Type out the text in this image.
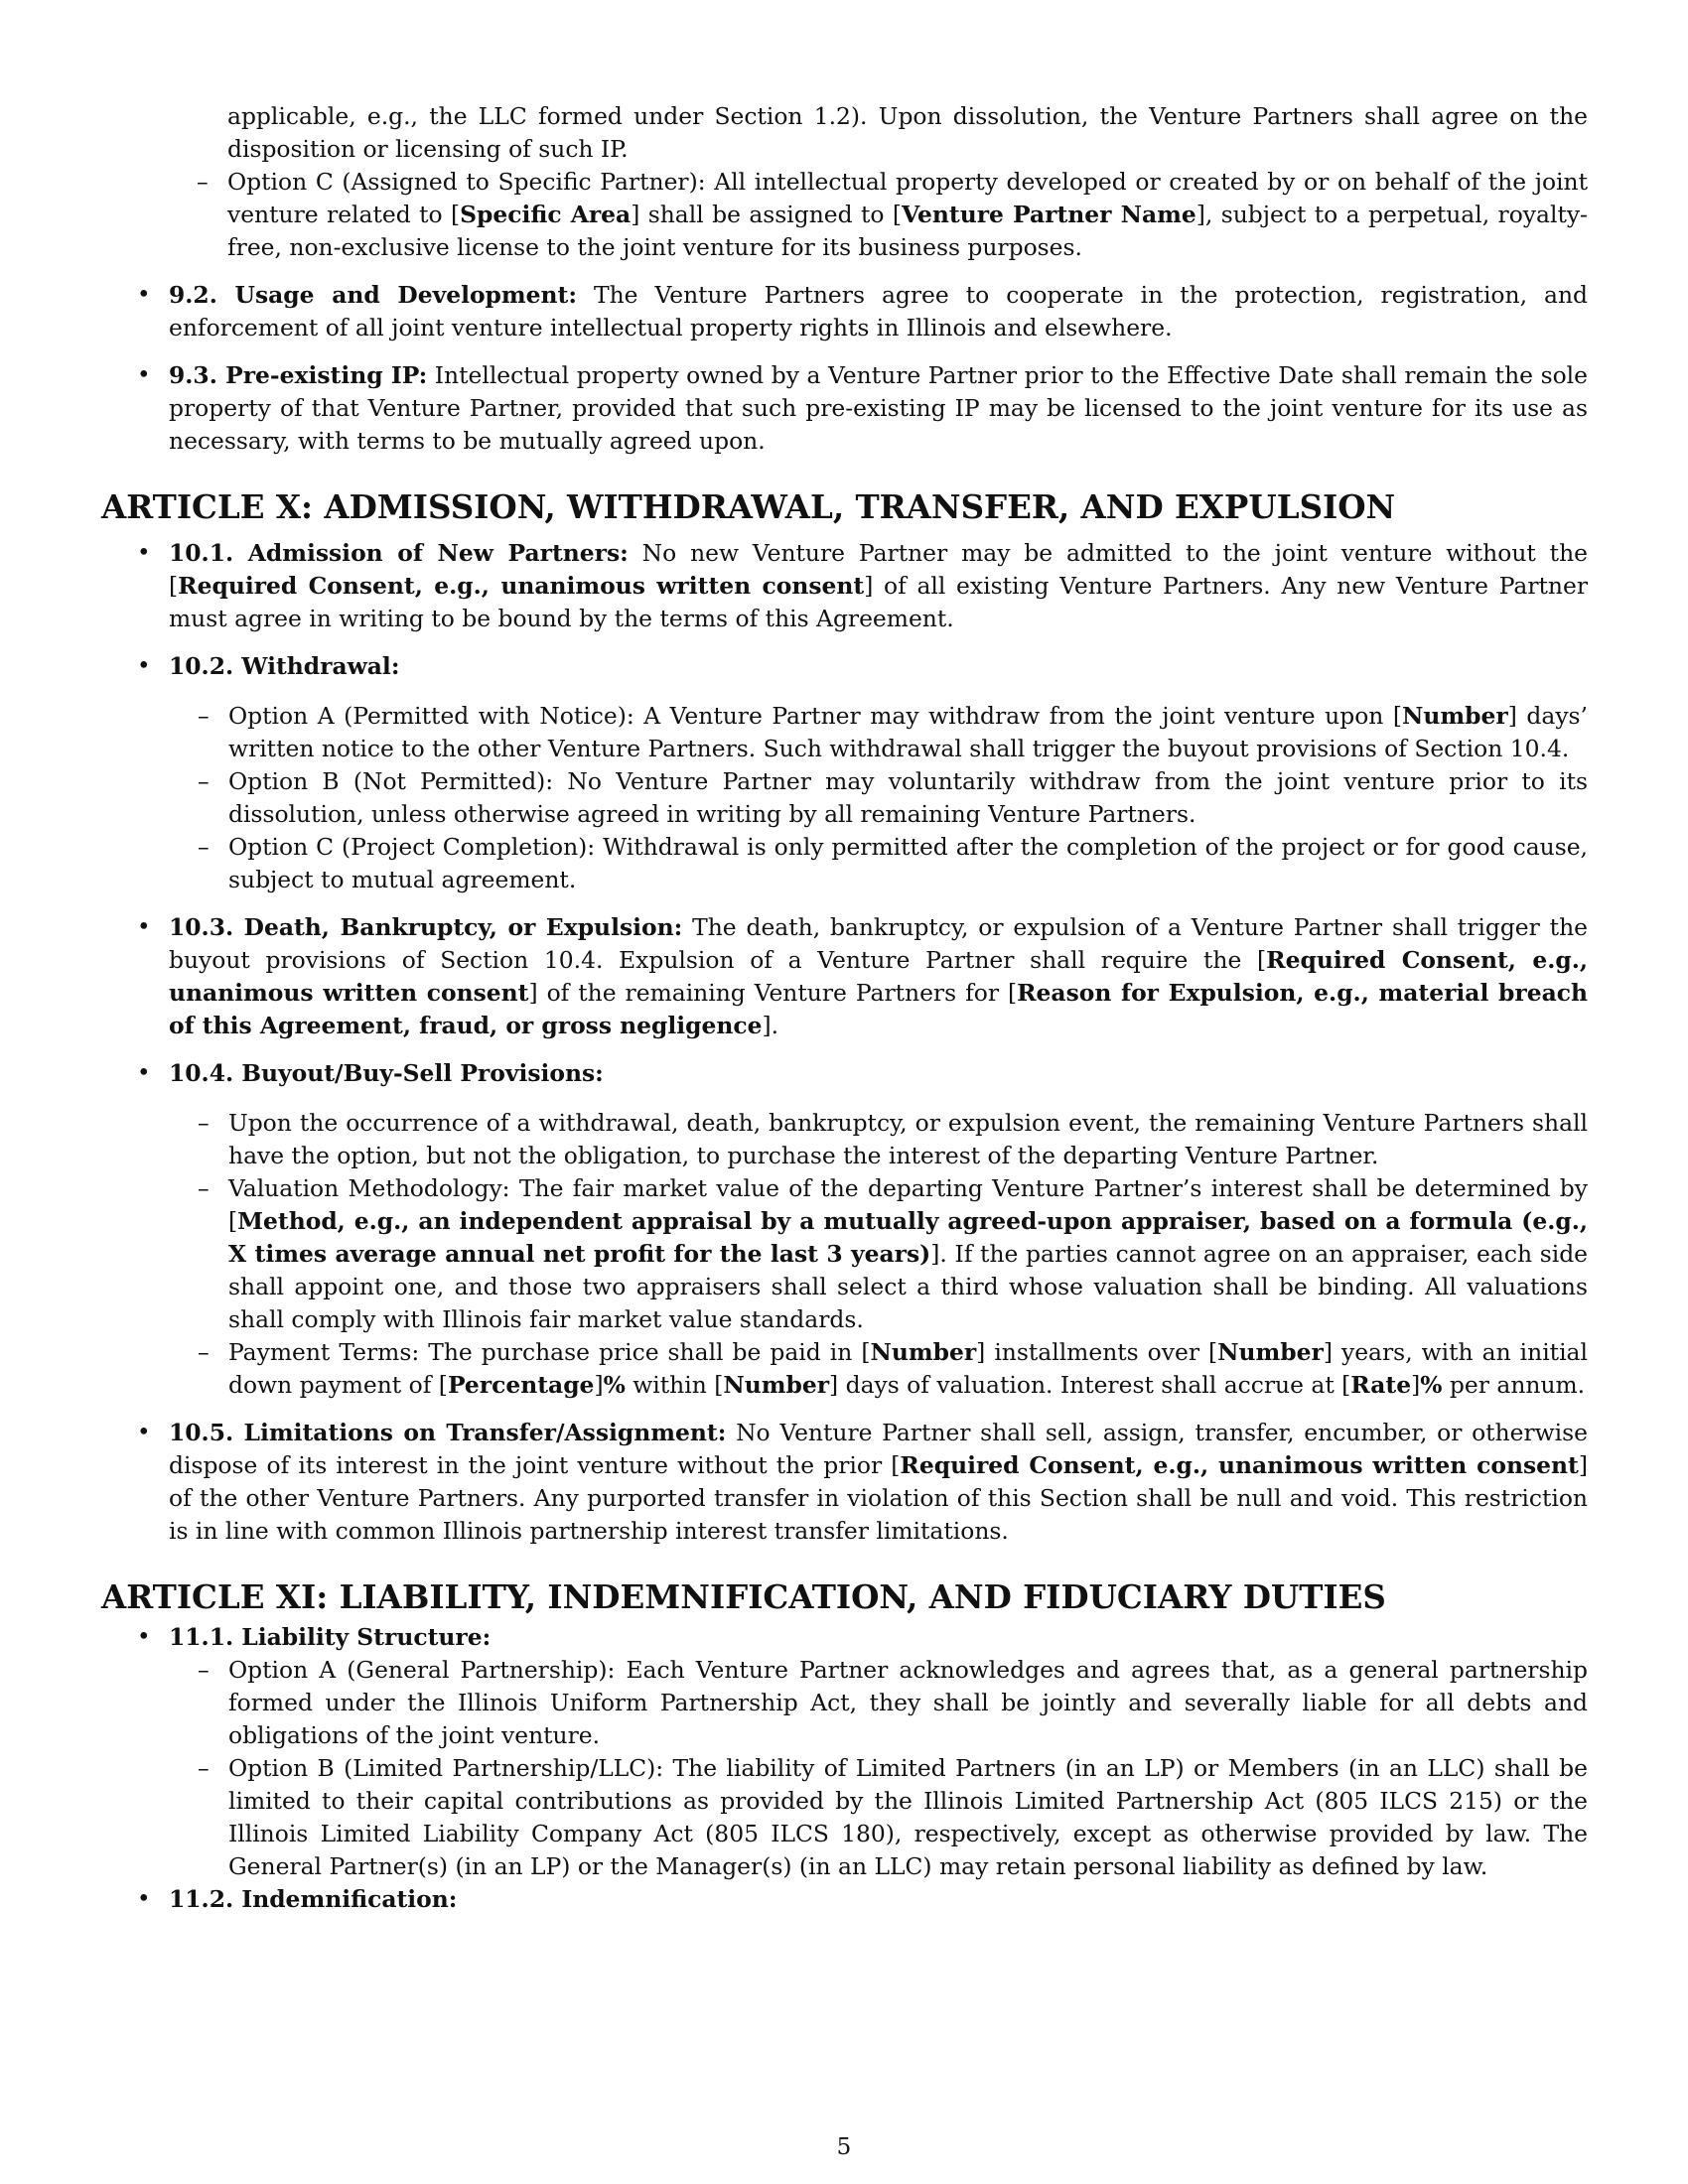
applicable, e.g., the LLC formed under Section 1.2). Upon dissolution, the Venture Partners shall agree on the disposition or licensing of such IP.

– Option C (Assigned to Specific Partner): All intellectual property developed or created by or on behalf of the joint venture related to [Specific Area] shall be assigned to [Venture Partner Name], subject to a perpetual, royalty-free, non-exclusive license to the joint venture for its business purposes.

• 9.2. Usage and Development: The Venture Partners agree to cooperate in the protection, registration, and enforcement of all joint venture intellectual property rights in Illinois and elsewhere.

• 9.3. Pre-existing IP: Intellectual property owned by a Venture Partner prior to the Effective Date shall remain the sole property of that Venture Partner, provided that such pre-existing IP may be licensed to the joint venture for its use as necessary, with terms to be mutually agreed upon.

ARTICLE X: ADMISSION, WITHDRAWAL, TRANSFER, AND EXPULSION
• 10.1. Admission of New Partners: No new Venture Partner may be admitted to the joint venture without the [Required Consent, e.g., unanimous written consent] of all existing Venture Partners. Any new Venture Partner must agree in writing to be bound by the terms of this Agreement.

• 10.2. Withdrawal:

– Option A (Permitted with Notice): A Venture Partner may withdraw from the joint venture upon [Number] days’ written notice to the other Venture Partners. Such withdrawal shall trigger the buyout provisions of Section 10.4.

– Option B (Not Permitted): No Venture Partner may voluntarily withdraw from the joint venture prior to its dissolution, unless otherwise agreed in writing by all remaining Venture Partners.

– Option C (Project Completion): Withdrawal is only permitted after the completion of the project or for good cause, subject to mutual agreement.

• 10.3. Death, Bankruptcy, or Expulsion: The death, bankruptcy, or expulsion of a Venture Partner shall trigger the buyout provisions of Section 10.4. Expulsion of a Venture Partner shall require the [Required Consent, e.g., unanimous written consent] of the remaining Venture Partners for [Reason for Expulsion, e.g., material breach of this Agreement, fraud, or gross negligence].

• 10.4. Buyout/Buy-Sell Provisions:

– Upon the occurrence of a withdrawal, death, bankruptcy, or expulsion event, the remaining Venture Partners shall have the option, but not the obligation, to purchase the interest of the departing Venture Partner.

– Valuation Methodology: The fair market value of the departing Venture Partner’s interest shall be determined by [Method, e.g., an independent appraisal by a mutually agreed-upon appraiser, based on a formula (e.g., X times average annual net profit for the last 3 years)]. If the parties cannot agree on an appraiser, each side shall appoint one, and those two appraisers shall select a third whose valuation shall be binding. All valuations shall comply with Illinois fair market value standards.

– Payment Terms: The purchase price shall be paid in [Number] installments over [Number] years, with an initial down payment of [Percentage]% within [Number] days of valuation. Interest shall accrue at [Rate]% per annum.

• 10.5. Limitations on Transfer/Assignment: No Venture Partner shall sell, assign, transfer, encumber, or otherwise dispose of its interest in the joint venture without the prior [Required Consent, e.g., unanimous written consent] of the other Venture Partners. Any purported transfer in violation of this Section shall be null and void. This restriction is in line with common Illinois partnership interest transfer limitations.

ARTICLE XI: LIABILITY, INDEMNIFICATION, AND FIDUCIARY DUTIES
• 11.1. Liability Structure:

– Option A (General Partnership): Each Venture Partner acknowledges and agrees that, as a general partnership formed under the Illinois Uniform Partnership Act, they shall be jointly and severally liable for all debts and obligations of the joint venture.

– Option B (Limited Partnership/LLC): The liability of Limited Partners (in an LP) or Members (in an LLC) shall be limited to their capital contributions as provided by the Illinois Limited Partnership Act (805 ILCS 215) or the Illinois Limited Liability Company Act (805 ILCS 180), respectively, except as otherwise provided by law. The General Partner(s) (in an LP) or the Manager(s) (in an LLC) may retain personal liability as defined by law.

• 11.2. Indemnification:

5
